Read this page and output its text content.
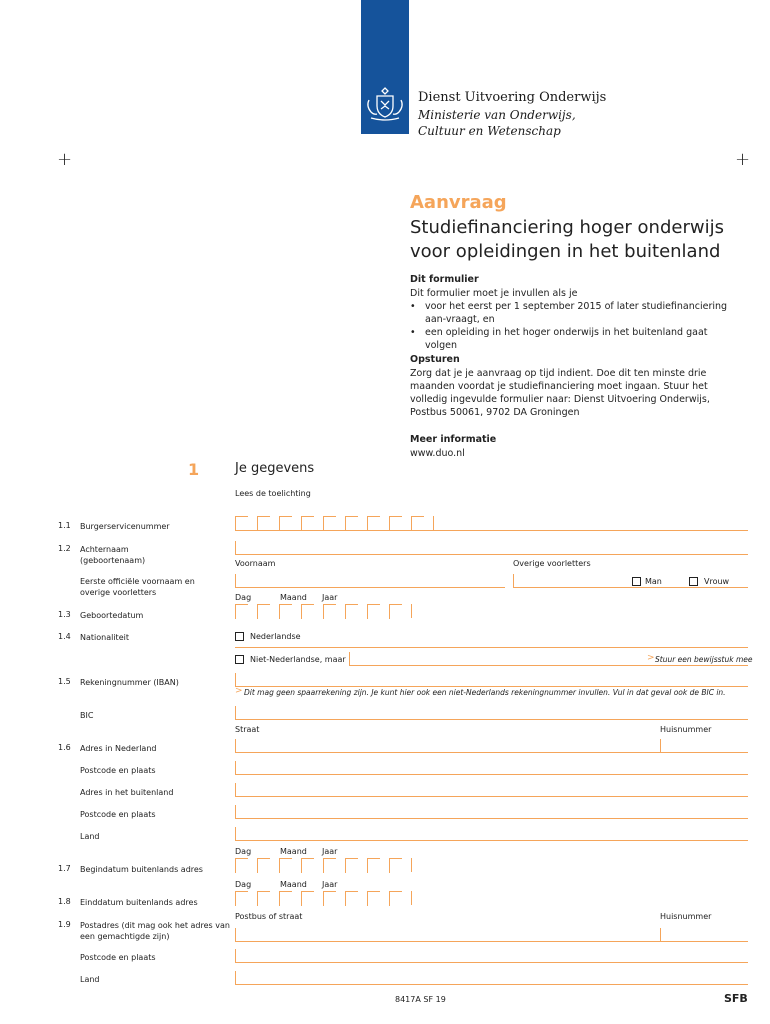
Dienst Uitvoering Onderwijs
Ministerie van Onderwijs, Cultuur en Wetenschap
+	+
Aanvraag
Studiefinanciering hoger onderwijs voor opleidingen in het buitenland
Dit formulier
Dit formulier moet je invullen als je
• voor het eerst per 1 september 2015 of later studiefinanciering aan-vraagt, en
• een opleiding in het hoger onderwijs in het buitenland gaat volgen
Opsturen
Zorg dat je je aanvraag op tijd indient. Doe dit ten minste drie maanden voordat je studiefinanciering moet ingaan. Stuur het volledig ingevulde formulier naar: Dienst Uitvoering Onderwijs, Postbus 50061, 9702 DA Groningen
Meer informatie
www.duo.nl
1	Je gegevens
Lees de toelichting
1.1 Burgerservicenummer
1.2 Achternaam (geboortenaam)	Voornaam	Overige voorletters
Eerste officiële voornaam en overige voorletters
Man	Vrouw
Dag	Maand Jaar
1.3 Geboortedatum
1.4 Nationaliteit	Nederlandse
Niet-Nederlandse, maar	> Stuur een bewijsstuk mee
1.5 Rekeningnummer (IBAN)
> Dit mag geen spaarrekening zijn. Je kunt hier ook een niet-Nederlands rekeningnummer invullen. Vul in dat geval ook de BIC in.
BIC
Straat	Huisnummer
1.6 Adres in Nederland
Postcode en plaats
Adres in het buitenland
Postcode en plaats
Land
Dag	Maand Jaar
1.7 Begindatum buitenlands adres
Dag	Maand Jaar
1.8 Einddatum buitenlands adres
Postbus of straat	Huisnummer
1.9 Postadres (dit mag ook het adres van een gemachtigde zijn)
Postcode en plaats
Land
8417A SF 19	SFB
